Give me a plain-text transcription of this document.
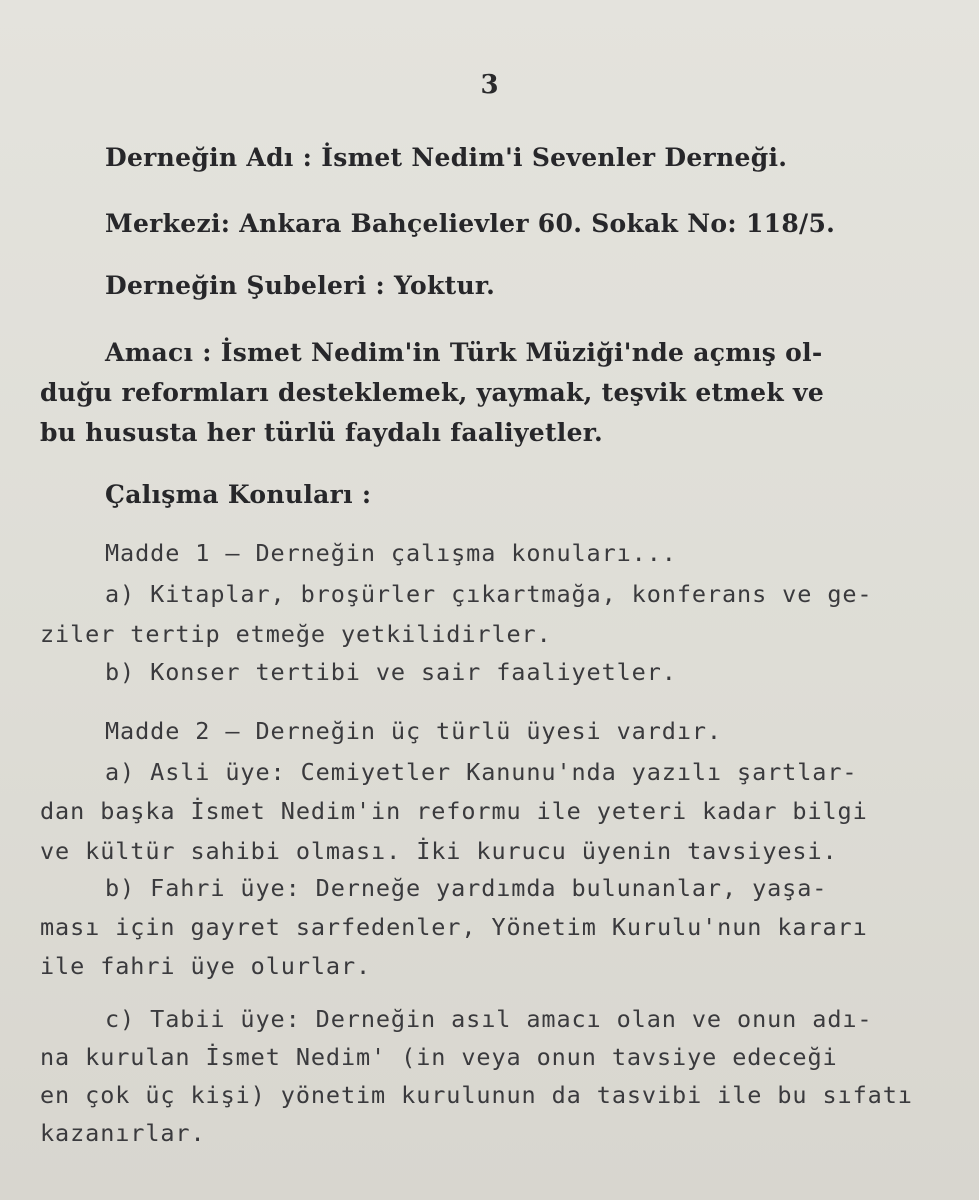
3
Derneğin Adı : İsmet Nedim'i Sevenler Derneği.
Merkezi: Ankara Bahçelievler 60. Sokak No: 118/5.
Derneğin Şubeleri : Yoktur.
Amacı : İsmet Nedim'in Türk Müziği'nde açmış ol-
duğu reformları desteklemek, yaymak, teşvik etmek ve
bu hususta her türlü faydalı faaliyetler.
Çalışma Konuları :
Madde 1 — Derneğin çalışma konuları...
a) Kitaplar, broşürler çıkartmağa, konferans ve ge-
ziler tertip etmeğe yetkilidirler.
b) Konser tertibi ve sair faaliyetler.
Madde 2 — Derneğin üç türlü üyesi vardır.
a) Asli üye: Cemiyetler Kanunu'nda yazılı şartlar-
dan başka İsmet Nedim'in reformu ile yeteri kadar bilgi
ve kültür sahibi olması. İki kurucu üyenin tavsiyesi.
b) Fahri üye: Derneğe yardımda bulunanlar, yaşa-
ması için gayret sarfedenler, Yönetim Kurulu'nun kararı
ile fahri üye olurlar.
c) Tabii üye: Derneğin asıl amacı olan ve onun adı-
na kurulan İsmet Nedim' (in veya onun tavsiye edeceği
en çok üç kişi) yönetim kurulunun da tasvibi ile bu sıfatı
kazanırlar.
